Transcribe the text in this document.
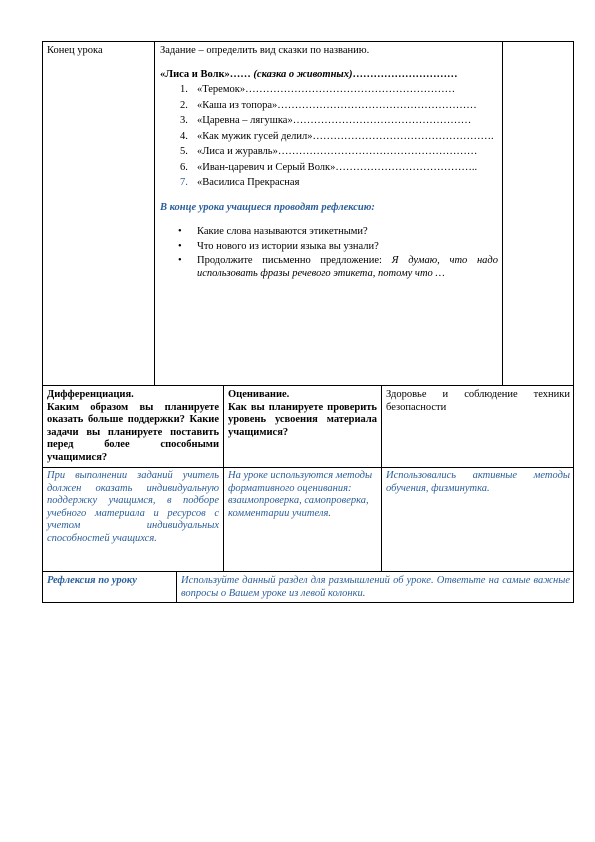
Конец урока	Задание – определить вид сказки по названию.
«Лиса и Волк»…… (сказка о животных)…………………………
1. «Теремок»……………………………………………………
2. «Каша из топора»…………………………………………………
3. «Царевна – лягушка»……………………………………………
4. «Как мужик гусей делил»…………………………………………….
5. «Лиса и журавль»…………………………………………………
6. «Иван-царевич и Серый Волк»…………………………………..
7. «Василиса Прекрасная
В конце урока учащиеся проводят рефлексию:
• Какие слова называются этикетными?
• Что нового из истории языка вы узнали?
• Продолжите письменно предложение: Я думаю, что надо использовать фразы речевого этикета, потому что …
Дифференциация.
Каким образом вы планируете оказать больше поддержки? Какие задачи вы планируете поставить перед более способными учащимися?
Оценивание.
Как вы планируете проверить уровень усвоения материала учащимися?
Здоровье и соблюдение техники безопасности
При выполнении заданий учитель должен оказать индивидуальную поддержку учащимся, в подборе учебного материала и ресурсов с учетом индивидуальных способностей учащихся.
На уроке используются методы формативного оценивания: взаимопроверка, самопроверка, комментарии учителя.
Использовались активные методы обучения, физминутка.
Рефлексия по уроку	Используйте данный раздел для размышлений об уроке. Ответьте на самые важные вопросы о Вашем уроке из левой колонки.
